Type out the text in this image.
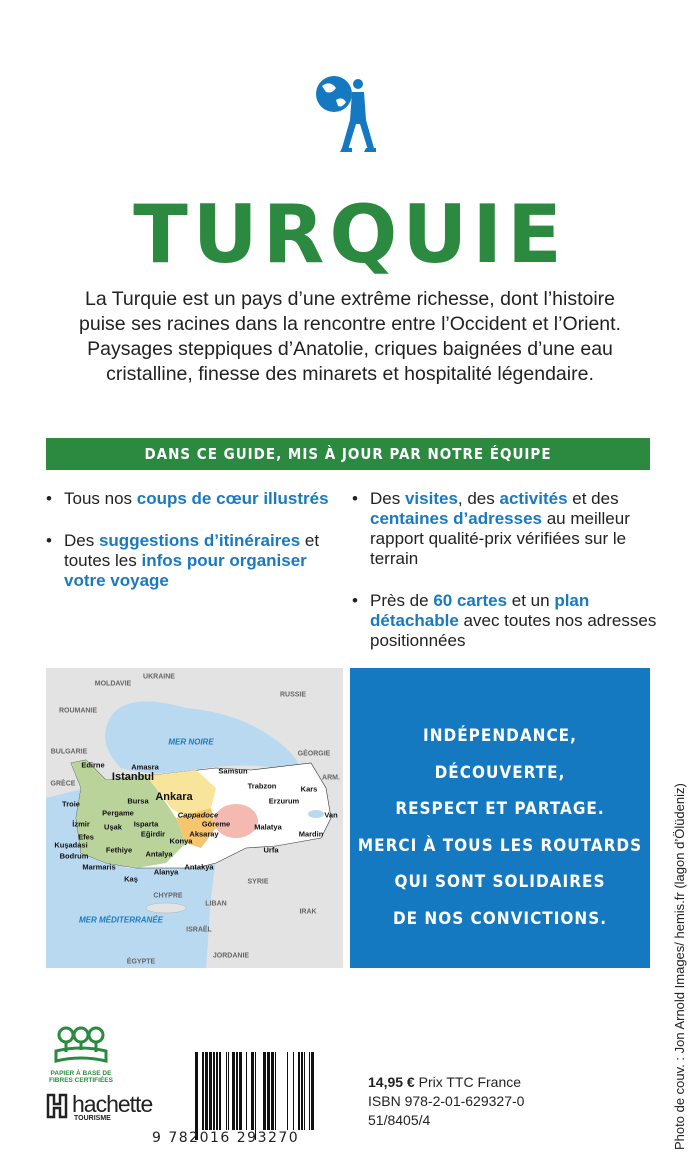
TURQUIE
La Turquie est un pays d’une extrême richesse, dont l’histoire puise ses racines dans la rencontre entre l’Occident et l’Orient. Paysages steppiques d’Anatolie, criques baignées d’une eau cristalline, finesse des minarets et hospitalité légendaire.
DANS CE GUIDE, MIS À JOUR PAR NOTRE ÉQUIPE
• Tous nos coups de cœur illustrés
• Des suggestions d’itinéraires et toutes les infos pour organiser votre voyage
• Des visites, des activités et des centaines d’adresses au meilleur rapport qualité-prix vérifiées sur le terrain
• Près de 60 cartes et un plan détachable avec toutes nos adresses positionnées
UKRAINE
MOLDAVIE
RUSSIE
ROUMANIE
MER NOIRE
BULGARIE	GÉORGIE
Edirne	Amasra	Samsun
Istanbul	ARM.
GRÈCE	Trabzon	Kars
Ankara
Bursa	Erzurum
Troie
Pergame	Cappadoce	Van
İzmir Uşak Isparta	Göreme	Malatya
Mardin
Efes	Eğirdir	Aksaray
Kuşadasi	Konya
Urfa
Fethiye
Bodrum	Antalya
Marmaris
Alanya
Antakya
Kaş	SYRIE
CHYPRE
LIBAN
IRAK
MER MÉDITERRANÉE
ISRAËL
JORDANIE
ÉGYPTE
INDÉPENDANCE,
DÉCOUVERTE,
RESPECT ET PARTAGE.
MERCI À TOUS LES ROUTARDS
QUI SONT SOLIDAIRES
DE NOS CONVICTIONS.	Photo de couv. : Jon Arnold Images/ hemis.fr (lagon d’Ölüdeniz)
PAPIER À BASE DE FIBRES CERTIFIÉES
hachette
TOURISME
9 782016 293270
14,95 € Prix TTC France
ISBN 978-2-01-629327-0
51/8405/4
